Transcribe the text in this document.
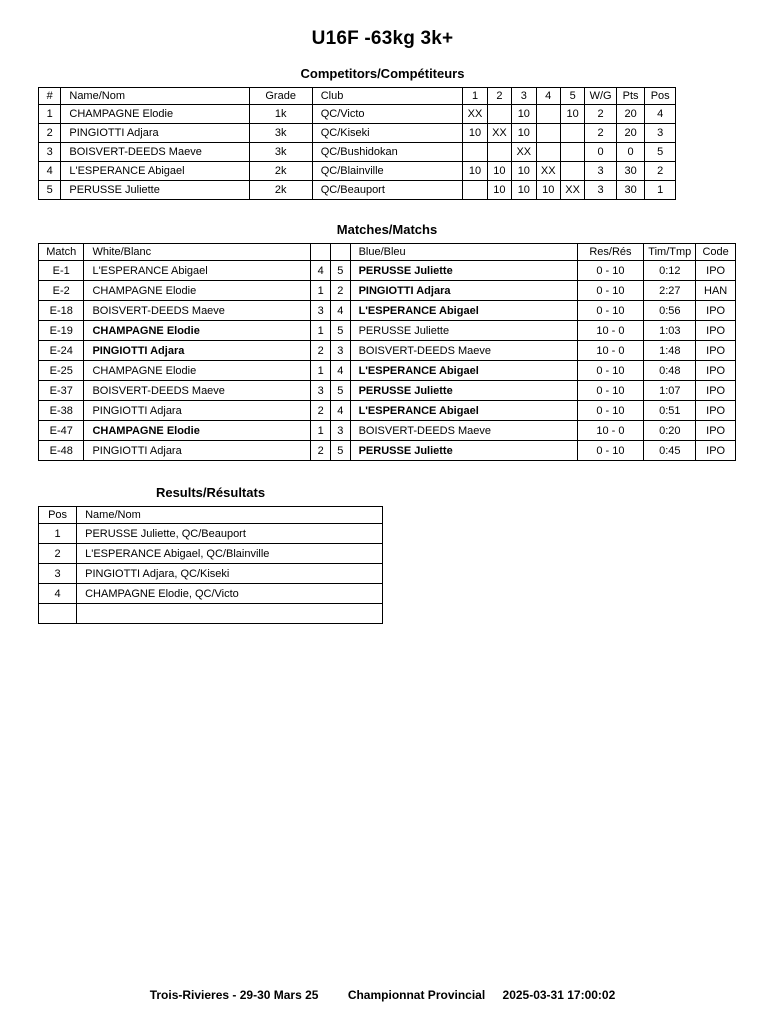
U16F -63kg 3k+
Competitors/Compétiteurs
#	Name/Nom	Grade	Club	1	2	3	4	5	W/G	Pts	Pos
1	CHAMPAGNE Elodie	1k	QC/Victo	XX		10		10	2	20	4
2	PINGIOTTI Adjara	3k	QC/Kiseki	10	XX	10			2	20	3
3	BOISVERT-DEEDS Maeve	3k	QC/Bushidokan			XX			0	0	5
4	L'ESPERANCE Abigael	2k	QC/Blainville	10	10	10	XX		3	30	2
5	PERUSSE Juliette	2k	QC/Beauport		10	10	10	XX	3	30	1
Matches/Matchs
Match	White/Blanc			Blue/Bleu	Res/Rés	Tim/Tmp	Code
E-1	L'ESPERANCE Abigael	4	5	PERUSSE Juliette	0 - 10	0:12	IPO
E-2	CHAMPAGNE Elodie	1	2	PINGIOTTI Adjara	0 - 10	2:27	HAN
E-18	BOISVERT-DEEDS Maeve	3	4	L'ESPERANCE Abigael	0 - 10	0:56	IPO
E-19	CHAMPAGNE Elodie	1	5	PERUSSE Juliette	10 - 0	1:03	IPO
E-24	PINGIOTTI Adjara	2	3	BOISVERT-DEEDS Maeve	10 - 0	1:48	IPO
E-25	CHAMPAGNE Elodie	1	4	L'ESPERANCE Abigael	0 - 10	0:48	IPO
E-37	BOISVERT-DEEDS Maeve	3	5	PERUSSE Juliette	0 - 10	1:07	IPO
E-38	PINGIOTTI Adjara	2	4	L'ESPERANCE Abigael	0 - 10	0:51	IPO
E-47	CHAMPAGNE Elodie	1	3	BOISVERT-DEEDS Maeve	10 - 0	0:20	IPO
E-48	PINGIOTTI Adjara	2	5	PERUSSE Juliette	0 - 10	0:45	IPO
Results/Résultats
Pos	Name/Nom
1	PERUSSE Juliette, QC/Beauport
2	L'ESPERANCE Abigael, QC/Blainville
3	PINGIOTTI Adjara, QC/Kiseki
4	CHAMPAGNE Elodie, QC/Victo

Trois-Rivieres - 29-30 Mars 25 Championnat Provincial 2025-03-31 17:00:02
